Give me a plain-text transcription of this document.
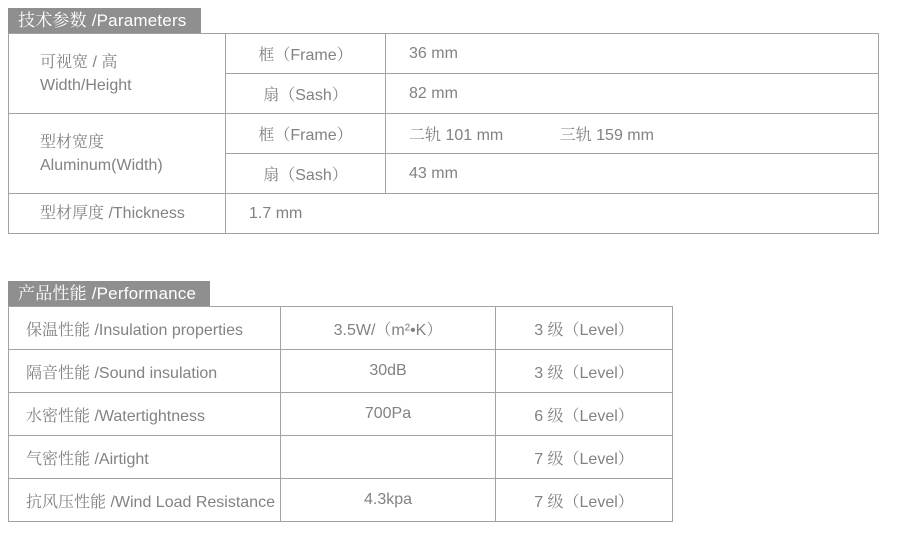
技术参数 /Parameters
可视宽 / 高
Width/Height	框（Frame）	36 mm
	扇（Sash）	82 mm

型材宽度
Aluminum(Width)	框（Frame）	二轨 101 mm 三轨 159 mm
	扇（Sash）	43 mm
型材厚度 /Thickness	1.7 mm	
产品性能 /Performance
保温性能 /Insulation properties	3.5W/（m²•K）	3 级（Level）
隔音性能 /Sound insulation	30dB	3 级（Level）
水密性能 /Watertightness	700Pa	6 级（Level）
气密性能 /Airtight		7 级（Level）
抗风压性能 /Wind Load Resistance	4.3kpa	7 级（Level）
